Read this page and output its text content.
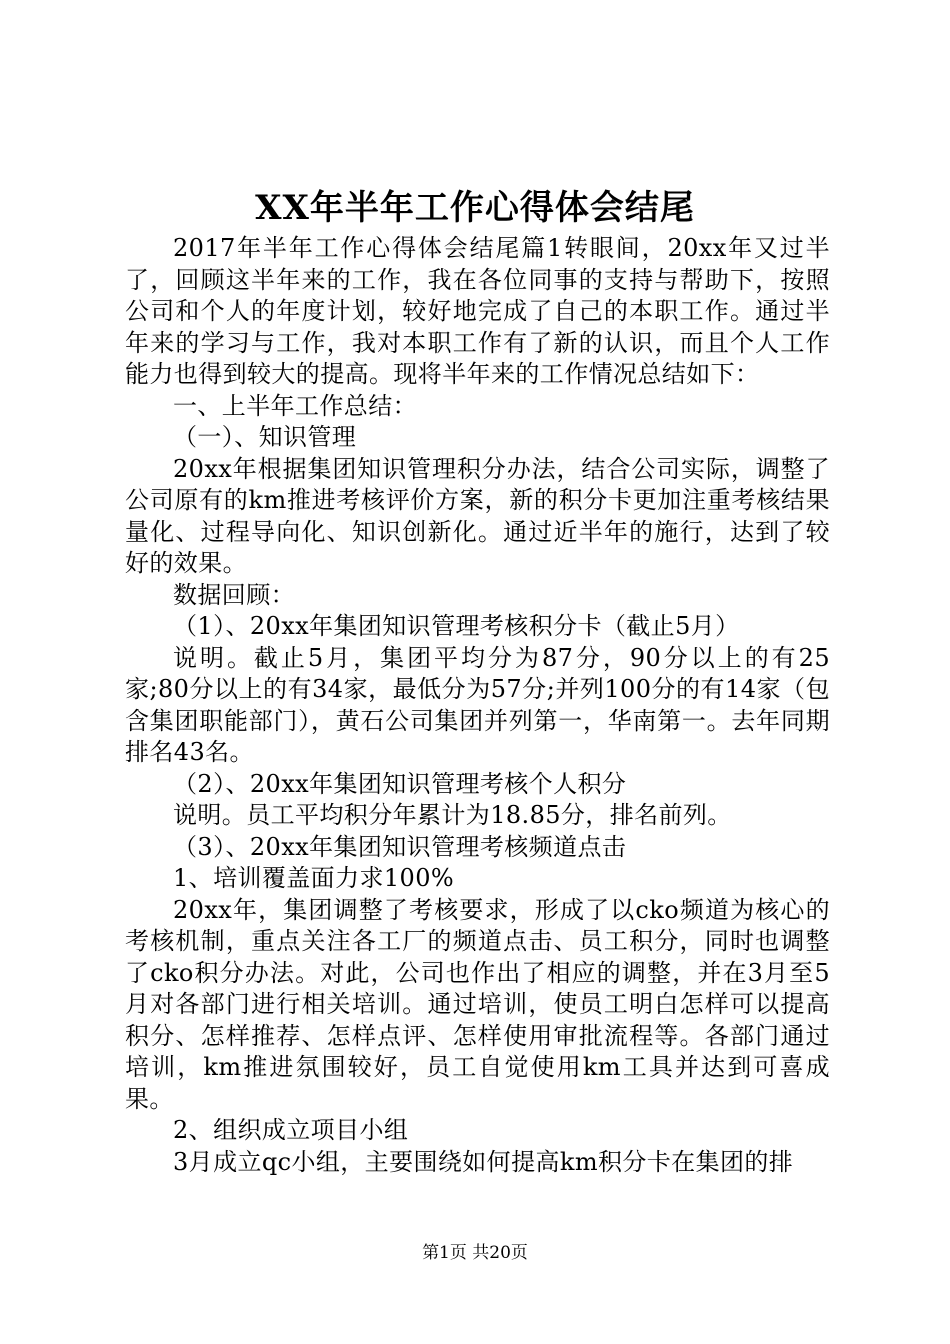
XX年半年工作心得体会结尾

2017年半年工作心得体会结尾篇1转眼间，20xx年又过半了，回顾这半年来的工作，我在各位同事的支持与帮助下，按照公司和个人的年度计划，较好地完成了自己的本职工作。通过半年来的学习与工作，我对本职工作有了新的认识，而且个人工作能力也得到较大的提高。现将半年来的工作情况总结如下：

一、上半年工作总结：

（一）、知识管理

20xx年根据集团知识管理积分办法，结合公司实际，调整了公司原有的km推进考核评价方案，新的积分卡更加注重考核结果量化、过程导向化、知识创新化。通过近半年的施行，达到了较好的效果。

数据回顾：

（1）、20xx年集团知识管理考核积分卡（截止5月）

说明。截止5月，集团平均分为87分，90分以上的有25家;80分以上的有34家，最低分为57分;并列100分的有14家（包含集团职能部门），黄石公司集团并列第一，华南第一。去年同期排名43名。

（2）、20xx年集团知识管理考核个人积分

说明。员工平均积分年累计为18.85分，排名前列。

（3）、20xx年集团知识管理考核频道点击

1、培训覆盖面力求100%

20xx年，集团调整了考核要求，形成了以cko频道为核心的考核机制，重点关注各工厂的频道点击、员工积分，同时也调整了cko积分办法。对此，公司也作出了相应的调整，并在3月至5月对各部门进行相关培训。通过培训，使员工明白怎样可以提高积分、怎样推荐、怎样点评、怎样使用审批流程等。各部门通过培训，km推进氛围较好，员工自觉使用km工具并达到可喜成果。

2、组织成立项目小组

3月成立qc小组，主要围绕如何提高km积分卡在集团的排

第1页 共20页
